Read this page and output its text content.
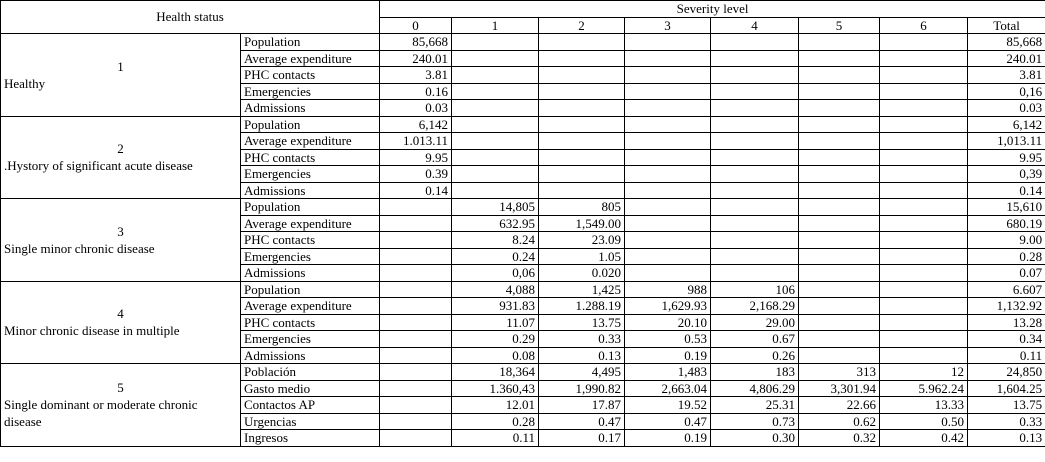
Health status		Severity level							
		0	1	2	3	4	5	6	Total

1
Healthy	Population	85,668							85,668
	Average expenditure	240.01							240.01
	PHC contacts	3.81							3.81
	Emergencies	0.16							0,16
	Admissions	0.03							0.03

2
.Hystory of significant acute disease	Population	6,142							6,142
	Average expenditure	1.013.11							1,013.11
	PHC contacts	9.95							9.95
	Emergencies	0.39							0,39
	Admissions	0.14							0.14

3
Single minor chronic disease	Population		14,805	805					15,610
	Average expenditure		632.95	1,549.00					680.19
	PHC contacts		8.24	23.09					9.00
	Emergencies		0.24	1.05					0.28
	Admissions		0,06	0.020					0.07

4
Minor chronic disease in multiple	Population		4,088	1,425	988	106			6.607
	Average expenditure		931.83	1.288.19	1,629.93	2,168.29			1,132.92
	PHC contacts		11.07	13.75	20.10	29.00			13.28
	Emergencies		0.29	0.33	0.53	0.67			0.34
	Admissions		0.08	0.13	0.19	0.26			0.11

5
Single dominant or moderate chronic disease	Población		18,364	4,495	1,483	183	313	12	24,850
	Gasto medio		1.360,43	1,990.82	2,663.04	4,806.29	3,301.94	5.962.24	1,604.25
	Contactos AP		12.01	17.87	19.52	25.31	22.66	13.33	13.75
	Urgencias		0.28	0.47	0.47	0.73	0.62	0.50	0.33
	Ingresos		0.11	0.17	0.19	0.30	0.32	0.42	0.13
